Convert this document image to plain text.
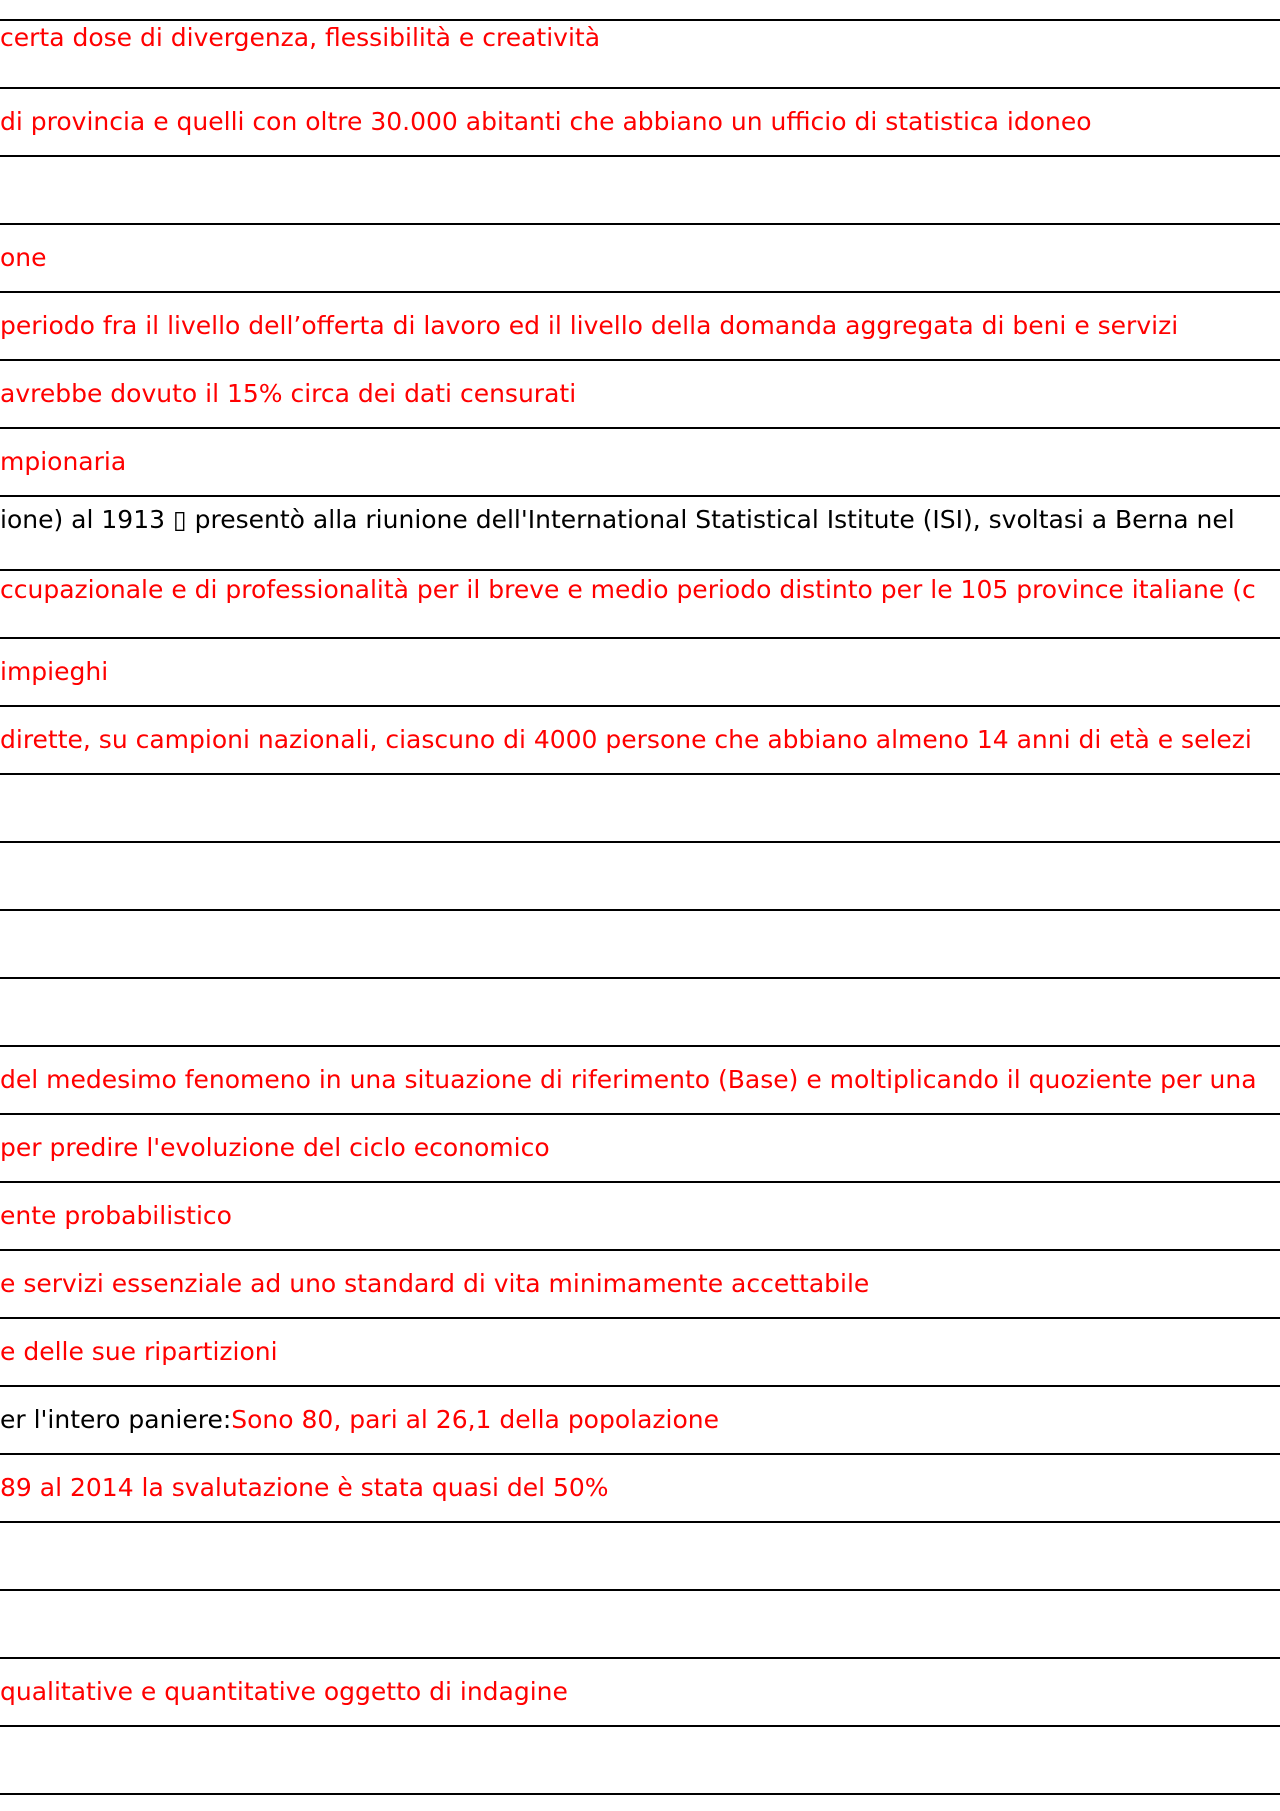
certa dose di divergenza, flessibilità e creatività
di provincia e quelli con oltre 30.000 abitanti che abbiano un ufficio di statistica idoneo
one
periodo fra il livello dell’offerta di lavoro ed il livello della domanda aggregata di beni e servizi
avrebbe dovuto il 15% circa dei dati censurati
mpionaria
ione) al 1913 ▯ presentò alla riunione dell'International Statistical Istitute (ISI), svoltasi a Berna nel
ccupazionale e di professionalità per il breve e medio periodo distinto per le 105 province italiane (c
impieghi
dirette, su campioni nazionali, ciascuno di 4000 persone che abbiano almeno 14 anni di età e selezi
del medesimo fenomeno in una situazione di riferimento (Base) e moltiplicando il quoziente per una
per predire l'evoluzione del ciclo economico
ente probabilistico
e servizi essenziale ad uno standard di vita minimamente accettabile
e delle sue ripartizioni
er l'intero paniere:Sono 80, pari al 26,1 della popolazione
89 al 2014 la svalutazione è stata quasi del 50%
qualitative e quantitative oggetto di indagine
